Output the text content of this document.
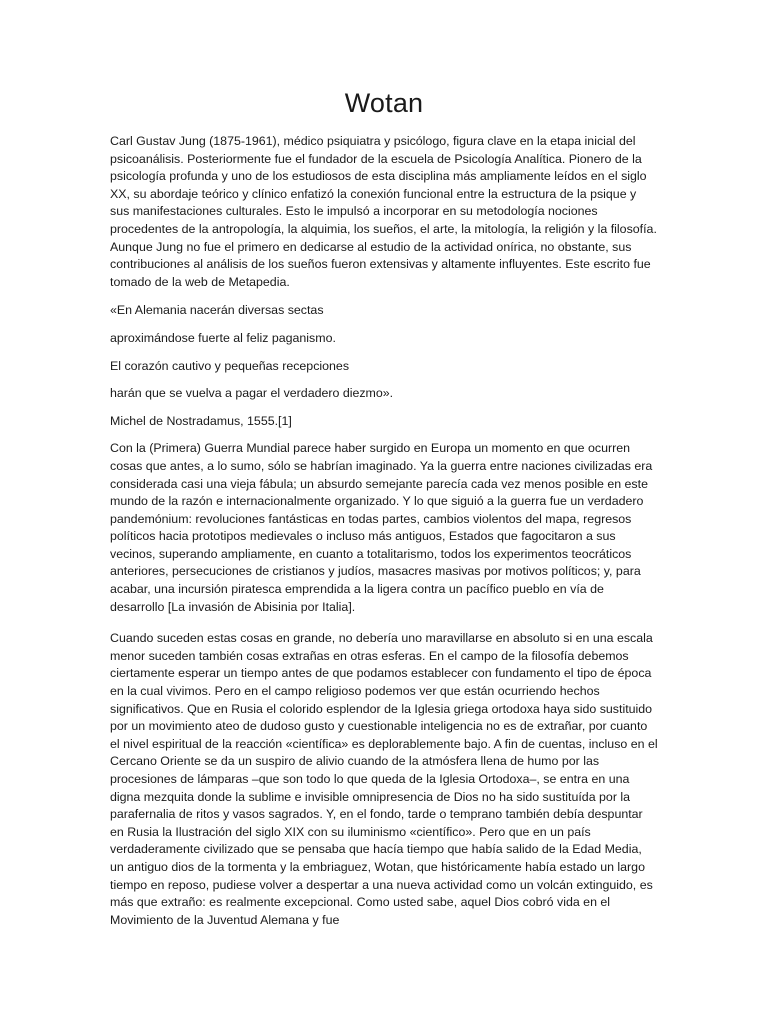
Wotan

Carl Gustav Jung (1875-1961), médico psiquiatra y psicólogo, figura clave en la etapa inicial del psicoanálisis. Posteriormente fue el fundador de la escuela de Psicología Analítica. Pionero de la psicología profunda y uno de los estudiosos de esta disciplina más ampliamente leídos en el siglo XX, su abordaje teórico y clínico enfatizó la conexión funcional entre la estructura de la psique y sus manifestaciones culturales. Esto le impulsó a incorporar en su metodología nociones procedentes de la antropología, la alquimia, los sueños, el arte, la mitología, la religión y la filosofía. Aunque Jung no fue el primero en dedicarse al estudio de la actividad onírica, no obstante, sus contribuciones al análisis de los sueños fueron extensivas y altamente influyentes. Este escrito fue tomado de la web de Metapedia.

«En Alemania nacerán diversas sectas

aproximándose fuerte al feliz paganismo.

El corazón cautivo y pequeñas recepciones

harán que se vuelva a pagar el verdadero diezmo».

Michel de Nostradamus, 1555.[1]

Con la (Primera) Guerra Mundial parece haber surgido en Europa un momento en que ocurren cosas que antes, a lo sumo, sólo se habrían imaginado. Ya la guerra entre naciones civilizadas era considerada casi una vieja fábula; un absurdo semejante parecía cada vez menos posible en este mundo de la razón e internacionalmente organizado. Y lo que siguió a la guerra fue un verdadero pandemónium: revoluciones fantásticas en todas partes, cambios violentos del mapa, regresos políticos hacia prototipos medievales o incluso más antiguos, Estados que fagocitaron a sus vecinos, superando ampliamente, en cuanto a totalitarismo, todos los experimentos teocráticos anteriores, persecuciones de cristianos y judíos, masacres masivas por motivos políticos; y, para acabar, una incursión piratesca emprendida a la ligera contra un pacífico pueblo en vía de desarrollo [La invasión de Abisinia por Italia].

Cuando suceden estas cosas en grande, no debería uno maravillarse en absoluto si en una escala menor suceden también cosas extrañas en otras esferas. En el campo de la filosofía debemos ciertamente esperar un tiempo antes de que podamos establecer con fundamento el tipo de época en la cual vivimos. Pero en el campo religioso podemos ver que están ocurriendo hechos significativos. Que en Rusia el colorido esplendor de la Iglesia griega ortodoxa haya sido sustituido por un movimiento ateo de dudoso gusto y cuestionable inteligencia no es de extrañar, por cuanto el nivel espiritual de la reacción «científica» es deplorablemente bajo. A fin de cuentas, incluso en el Cercano Oriente se da un suspiro de alivio cuando de la atmósfera llena de humo por las procesiones de lámparas –que son todo lo que queda de la Iglesia Ortodoxa–, se entra en una digna mezquita donde la sublime e invisible omnipresencia de Dios no ha sido sustituída por la parafernalia de ritos y vasos sagrados. Y, en el fondo, tarde o temprano también debía despuntar en Rusia la Ilustración del siglo XIX con su iluminismo «científico». Pero que en un país verdaderamente civilizado que se pensaba que hacía tiempo que había salido de la Edad Media, un antiguo dios de la tormenta y la embriaguez, Wotan, que históricamente había estado un largo tiempo en reposo, pudiese volver a despertar a una nueva actividad como un volcán extinguido, es más que extraño: es realmente excepcional. Como usted sabe, aquel Dios cobró vida en el Movimiento de la Juventud Alemana y fue
